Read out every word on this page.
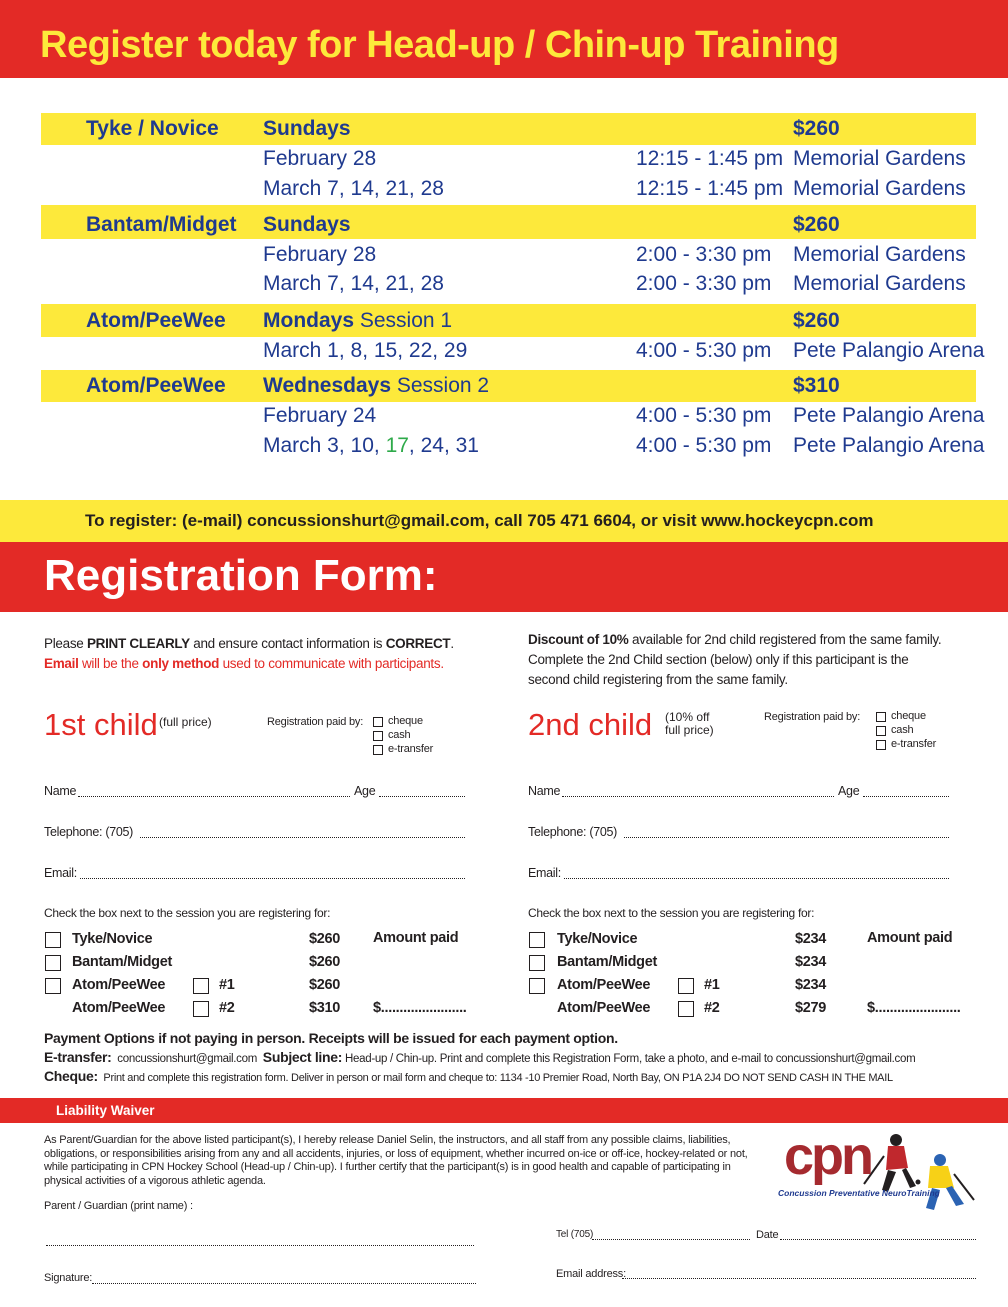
Register today for Head-up / Chin-up Training
Tyke / Novice Sundays	$260
February 28	12:15 - 1:45 pm Memorial Gardens
March 7, 14, 21, 28	12:15 - 1:45 pm Memorial Gardens
Bantam/Midget Sundays	$260
February 28	2:00 - 3:30 pm Memorial Gardens
March 7, 14, 21, 28	2:00 - 3:30 pm Memorial Gardens
Atom/PeeWee Mondays Session 1	$260
March 1, 8, 15, 22, 29	4:00 - 5:30 pm Pete Palangio Arena
Atom/PeeWee Wednesdays Session 2	$310
February 24	4:00 - 5:30 pm Pete Palangio Arena
March 3, 10, 17, 24, 31	4:00 - 5:30 pm Pete Palangio Arena
To register: (e-mail) concussionshurt@gmail.com, call 705 471 6604, or visit www.hockeycpn.com
Registration Form:
Please PRINT CLEARLY and ensure contact information is CORRECT.
Email will be the only method used to communicate with participants.
Discount of 10% available for 2nd child registered from the same family.
Complete the 2nd Child section (below) only if this participant is the
second child registering from the same family.
1st child (full price)	Registration paid by: cheque
cash
e-transfer
Name	Age
Telephone: (705)
Email:
Check the box next to the session you are registering for:
Tyke/Novice	$260 Amount paid
Bantam/Midget	$260
Atom/PeeWee	#1	$260
Atom/PeeWee	#2	$310 $.......................
2nd child (10% off
full price)
Registration paid by:	cheque
cash
e-transfer
Name	Age
Telephone: (705)
Email:
Check the box next to the session you are registering for:
Tyke/Novice	$234	Amount paid
Bantam/Midget	$234
Atom/PeeWee	#1	$234
Atom/PeeWee	#2	$279	$.......................
Payment Options if not paying in person. Receipts will be issued for each payment option.
E-transfer: concussionshurt@gmail.com Subject line: Head-up / Chin-up. Print and complete this Registration Form, take a photo, and e-mail to concussionshurt@gmail.com
Cheque: Print and complete this registration form. Deliver in person or mail form and cheque to: 1134 -10 Premier Road, North Bay, ON P1A 2J4 DO NOT SEND CASH IN THE MAIL
Liability Waiver
As Parent/Guardian for the above listed participant(s), I hereby release Daniel Selin, the instructors, and all staff from any possible claims, liabilities, obligations, or responsibilities arising from any and all accidents, injuries, or loss of equipment, whether incurred on-ice or off-ice, hockey-related or not, while participating in CPN Hockey School (Head-up / Chin-up). I further certify that the participant(s) is in good health and capable of participating in physical activities of a vigorous athletic agenda.	cpn
Concussion Preventative NeuroTraining
Parent / Guardian (print name) :
Signature:
Tel (705)	Date
Email address:
